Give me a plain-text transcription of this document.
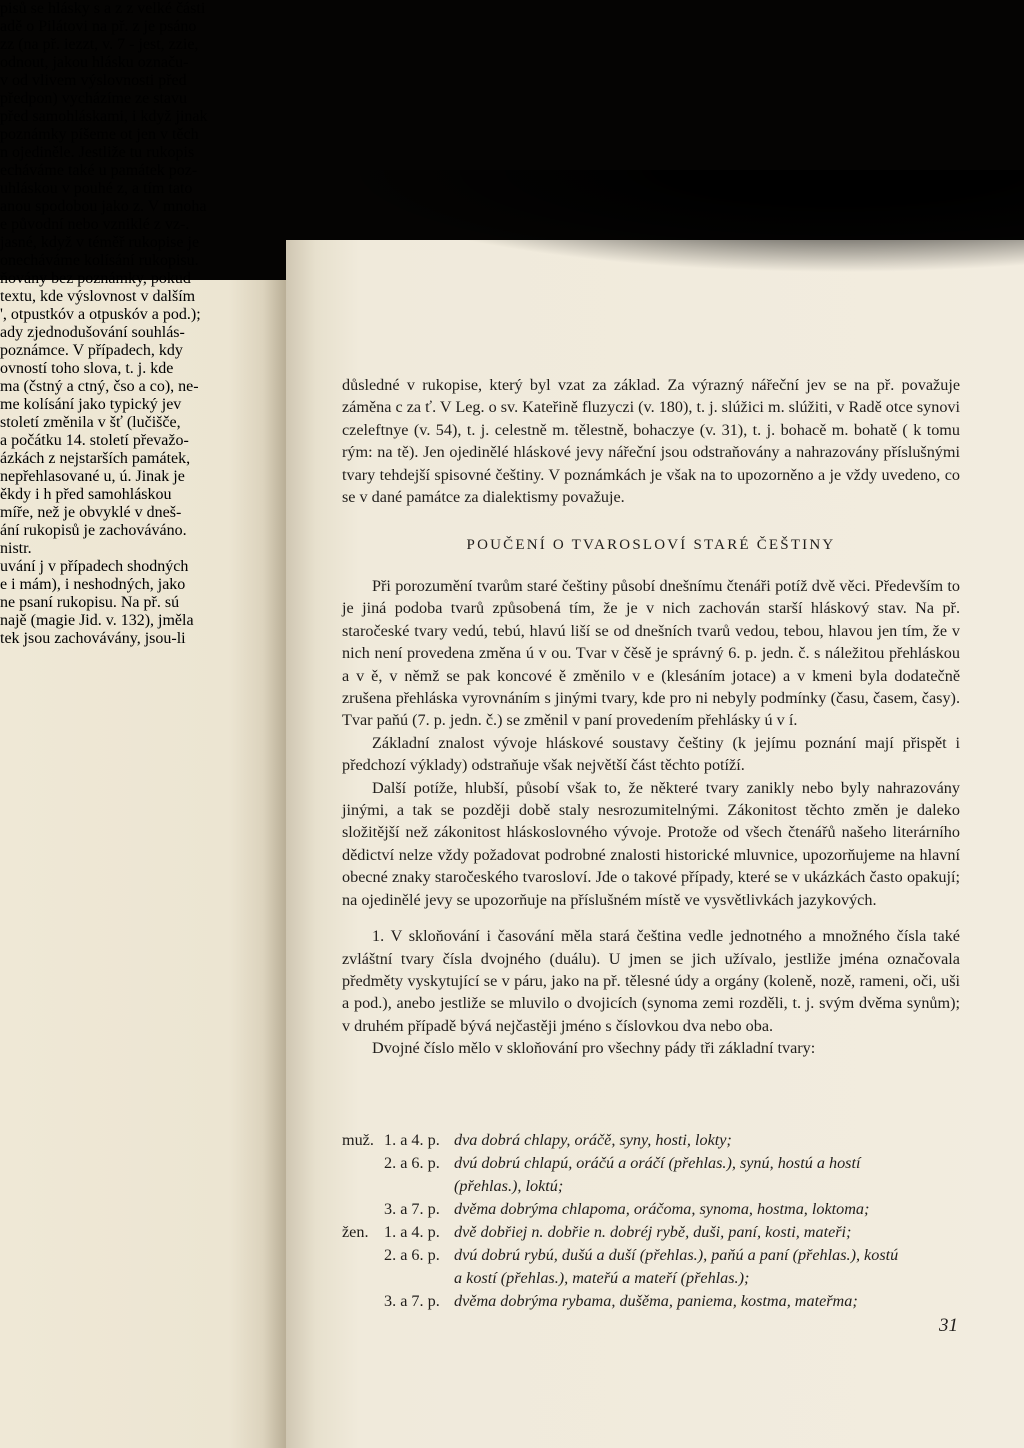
pisů se hlásky s a z z velké části
adě o Pilátovi na př. z je psáno
zz (na př. iezzt, v. 7 - jest, zzie,
odnout, jakou hlásku označu-
v od vlivem výslovnosti před
předpon) vycházíme ze stavu
před samohláskami, i když jinak
poznámky píšeme ot jen v těch
n ojediněle. Jestliže tu rukopis
echáváme také u památek poz-
uhláskou v pouhé z, a tím tato
anou spodobou jako z. V mnoha
e původní nebo vzniklé z vz-.
jasné, když v téměř rukopise je
onecháváme kolísání rukopisu.
ňovány bez poznámky, pokud
textu, kde výslovnost v dalším
', otpustkóv a otpuskóv a pod.);
ady zjednodušování souhlás-
poznámce. V případech, kdy
ovností toho slova, t. j. kde
ma (čstný a ctný, čso a co), ne-
me kolísání jako typický jev
století změnila v šť (lučišče,
a počátku 14. století převažo-
ázkách z nejstarších památek,
nepřehlasované u, ú. Jinak je
ěkdy i h před samohláskou
míře, než je obvyklé v dneš-
ání rukopisů je zachováváno.
nistr.
uvání j v případech shodných
e i mám), i neshodných, jako
ne psaní rukopisu. Na př. sú
najě (magie Jid. v. 132), jměla
tek jsou zachovávány, jsou-li

důsledné v rukopise, který byl vzat za základ. Za výrazný nářeční jev se na př. považuje záměna c za ť. V Leg. o sv. Kateřině fluzyczi (v. 180), t. j. slúžici m. slúžiti, v Radě otce synovi czeleftnye (v. 54), t. j. celestně m. tělestně, bohaczye (v. 31), t. j. bohacě m. bohatě ( k tomu rým: na tě). Jen ojedinělé hláskové jevy nářeční jsou odstraňovány a nahrazovány příslušnými tvary tehdejší spisovné češtiny. V poznámkách je však na to upozorněno a je vždy uvedeno, co se v dané památce za dialektismy považuje.

POUČENÍ O TVAROSLOVÍ STARÉ ČEŠTINY

Při porozumění tvarům staré češtiny působí dnešnímu čtenáři potíž dvě věci. Především to je jiná podoba tvarů způsobená tím, že je v nich zachován starší hláskový stav. Na př. staročeské tvary vedú, tebú, hlavú liší se od dnešních tvarů vedou, tebou, hlavou jen tím, že v nich není provedena změna ú v ou. Tvar v čěsě je správný 6. p. jedn. č. s náležitou přehláskou a v ě, v němž se pak koncové ě změnilo v e (klesáním jotace) a v kmeni byla dodatečně zrušena přehláska vyrovnáním s jinými tvary, kde pro ni nebyly podmínky (času, časem, časy). Tvar paňú (7. p. jedn. č.) se změnil v paní provedením přehlásky ú v í.

Základní znalost vývoje hláskové soustavy češtiny (k jejímu poznání mají přispět i předchozí výklady) odstraňuje však největší část těchto potíží.

Další potíže, hlubší, působí však to, že některé tvary zanikly nebo byly nahrazovány jinými, a tak se později době staly nesrozumitelnými. Zákonitost těchto změn je daleko složitější než zákonitost hláskoslovného vývoje. Protože od všech čtenářů našeho literárního dědictví nelze vždy požadovat podrobné znalosti historické mluvnice, upozorňujeme na hlavní obecné znaky staročeského tvarosloví. Jde o takové případy, které se v ukázkách často opakují; na ojedinělé jevy se upozorňuje na příslušném místě ve vysvětlivkách jazykových.

1. V skloňování i časování měla stará čeština vedle jednotného a množného čísla také zvláštní tvary čísla dvojného (duálu). U jmen se jich užívalo, jestliže jména označovala předměty vyskytující se v páru, jako na př. tělesné údy a orgány (koleně, nozě, rameni, oči, uši a pod.), anebo jestliže se mluvilo o dvojicích (synoma zemi rozděli, t. j. svým dvěma synům); v druhém případě bývá nejčastěji jméno s číslovkou dva nebo oba.

Dvojné číslo mělo v skloňování pro všechny pády tři základní tvary:

muž. 1. a 4. p. dva dobrá chlapy, oráčě, syny, hosti, lokty;
2. a 6. p. dvú dobrú chlapú, oráčú a oráčí (přehlas.), synú, hostú a hostí
(přehlas.), loktú;
3. a 7. p. dvěma dobrýma chlapoma, oráčoma, synoma, hostma, loktoma;
žen. 1. a 4. p. dvě dobřiej n. dobřie n. dobréj rybě, duši, paní, kosti, mateři;
2. a 6. p. dvú dobrú rybú, dušú a duší (přehlas.), paňú a paní (přehlas.), kostú
a kostí (přehlas.), mateřú a mateří (přehlas.);
3. a 7. p. dvěma dobrýma rybama, dušěma, paniema, kostma, mateřma;
31
